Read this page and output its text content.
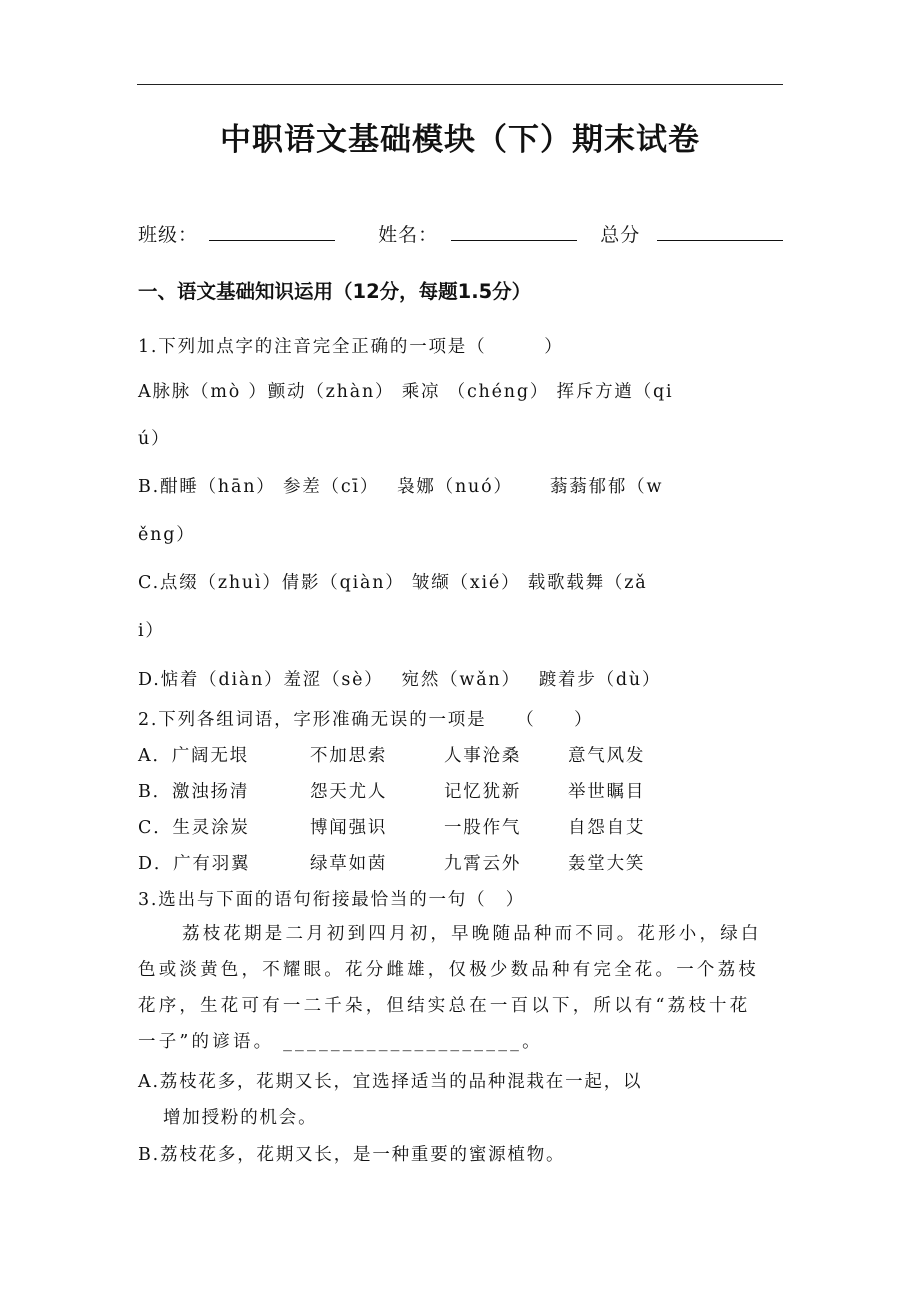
中职语文基础模块（下）期末试卷
班级：	姓名：	总分
一、语文基础知识运用（12分，每题1.5分）
1.下列加点字的注音完全正确的一项是（　　　）
A脉脉（mò ）颤动（zhàn） 乘凉 （chéng） 挥斥方遒（qi
ú）
B.酣睡（hān） 参差（cī）　 袅娜（nuó）　　 蓊蓊郁郁（w
ěng）
C.点缀（zhuì）倩影（qiàn） 皱缬（xié） 载歌载舞（zǎ
i）
D.惦着（diàn）羞涩（sè）　 宛然（wǎn）　 踱着步（dù）
2.下列各组词语，字形准确无误的一项是　　（　　）
A．广阔无垠	不加思索	人事沧桑	意气风发
B．激浊扬清	怨天尤人	记忆犹新	举世瞩目
C．生灵涂炭	博闻强识	一股作气	自怨自艾
D．广有羽翼	绿草如茵	九霄云外	轰堂大笑
3.选出与下面的语句衔接最恰当的一句（　）
荔枝花期是二月初到四月初，早晚随品种而不同。花形小，绿白
色或淡黄色，不耀眼。花分雌雄，仅极少数品种有完全花。一个荔枝
花序，生花可有一二千朵，但结实总在一百以下，所以有“荔枝十花
一子”的谚语。 ____________________。
A.荔枝花多，花期又长，宜选择适当的品种混栽在一起，以
增加授粉的机会。
B.荔枝花多，花期又长，是一种重要的蜜源植物。
